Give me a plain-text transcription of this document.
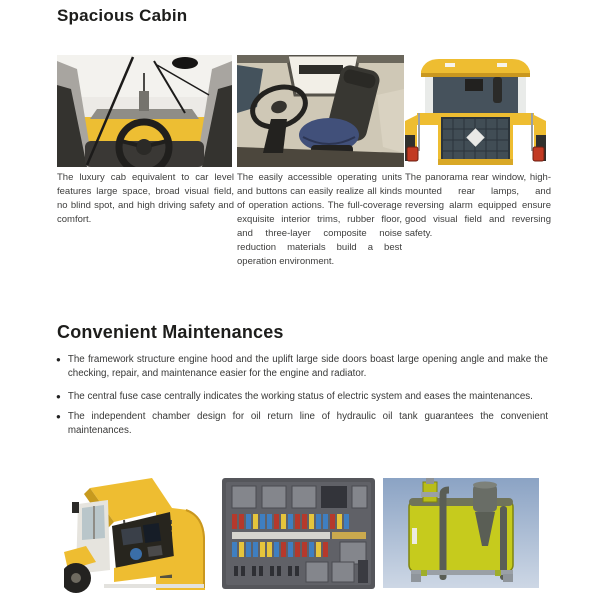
Spacious Cabin

The luxury cab equivalent to car level features large space, broad visual field, no blind spot, and high driving safety and comfort.

The easily accessible operating units and buttons can easily realize all kinds of operation actions. The full-coverage exquisite interior trims, rubber floor, and three-layer composite noise reduction materials build a best operation environment.

The panorama rear window, high-mounted rear lamps, and reversing alarm equipped ensure good visual field and reversing safety.

Convenient Maintenances
● The framework structure engine hood and the uplift large side doors boast large opening angle and make the checking, repair, and maintenance easier for the engine and radiator.
● The central fuse case centrally indicates the working status of electric system and eases the maintenances.
● The independent chamber design for oil return line of hydraulic oil tank guarantees the convenient maintenances.
